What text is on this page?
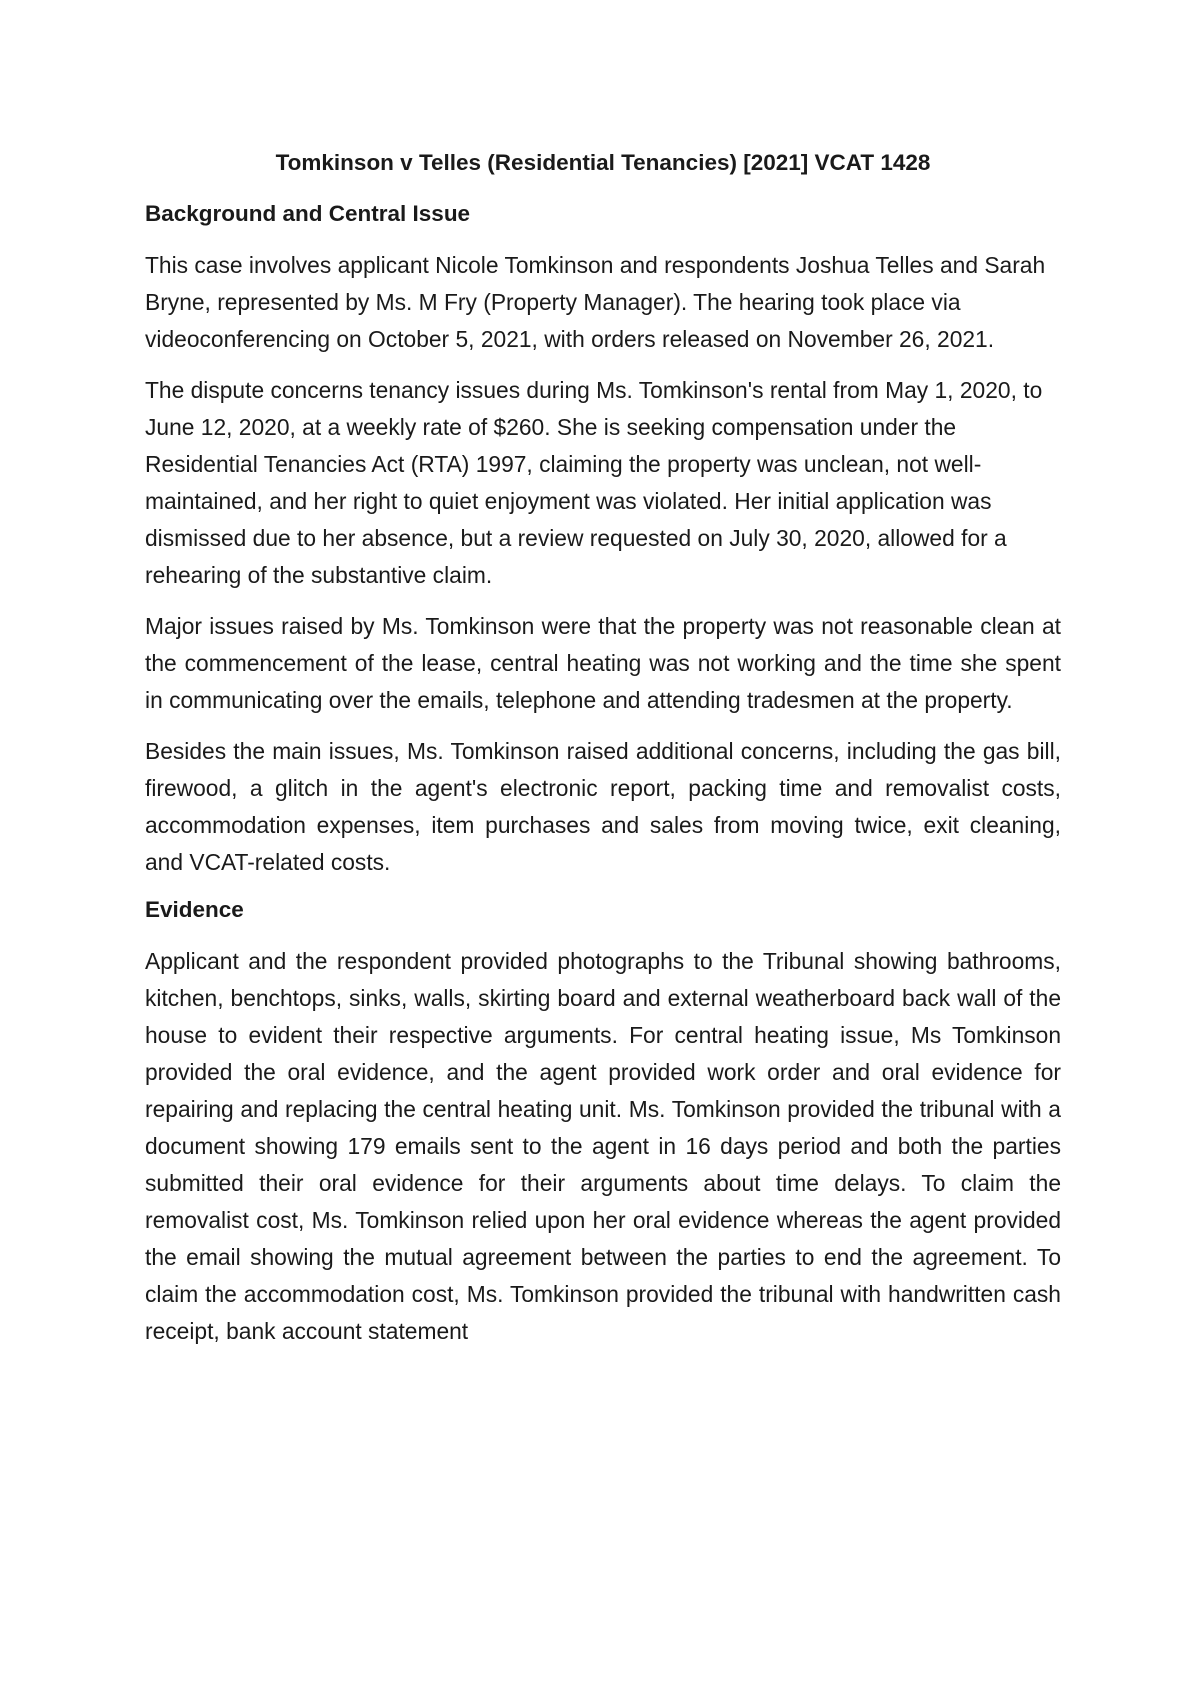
Tomkinson v Telles (Residential Tenancies) [2021] VCAT 1428
Background and Central Issue

This case involves applicant Nicole Tomkinson and respondents Joshua Telles and Sarah Bryne, represented by Ms. M Fry (Property Manager). The hearing took place via videoconferencing on October 5, 2021, with orders released on November 26, 2021.

The dispute concerns tenancy issues during Ms. Tomkinson's rental from May 1, 2020, to June 12, 2020, at a weekly rate of $260. She is seeking compensation under the Residential Tenancies Act (RTA) 1997, claiming the property was unclean, not well-maintained, and her right to quiet enjoyment was violated. Her initial application was dismissed due to her absence, but a review requested on July 30, 2020, allowed for a rehearing of the substantive claim.

Major issues raised by Ms. Tomkinson were that the property was not reasonable clean at the commencement of the lease, central heating was not working and the time she spent in communicating over the emails, telephone and attending tradesmen at the property.

Besides the main issues, Ms. Tomkinson raised additional concerns, including the gas bill, firewood, a glitch in the agent's electronic report, packing time and removalist costs, accommodation expenses, item purchases and sales from moving twice, exit cleaning, and VCAT-related costs.

Evidence

Applicant and the respondent provided photographs to the Tribunal showing bathrooms, kitchen, benchtops, sinks, walls, skirting board and external weatherboard back wall of the house to evident their respective arguments. For central heating issue, Ms Tomkinson provided the oral evidence, and the agent provided work order and oral evidence for repairing and replacing the central heating unit. Ms. Tomkinson provided the tribunal with a document showing 179 emails sent to the agent in 16 days period and both the parties submitted their oral evidence for their arguments about time delays. To claim the removalist cost, Ms. Tomkinson relied upon her oral evidence whereas the agent provided the email showing the mutual agreement between the parties to end the agreement. To claim the accommodation cost, Ms. Tomkinson provided the tribunal with handwritten cash receipt, bank account statement
